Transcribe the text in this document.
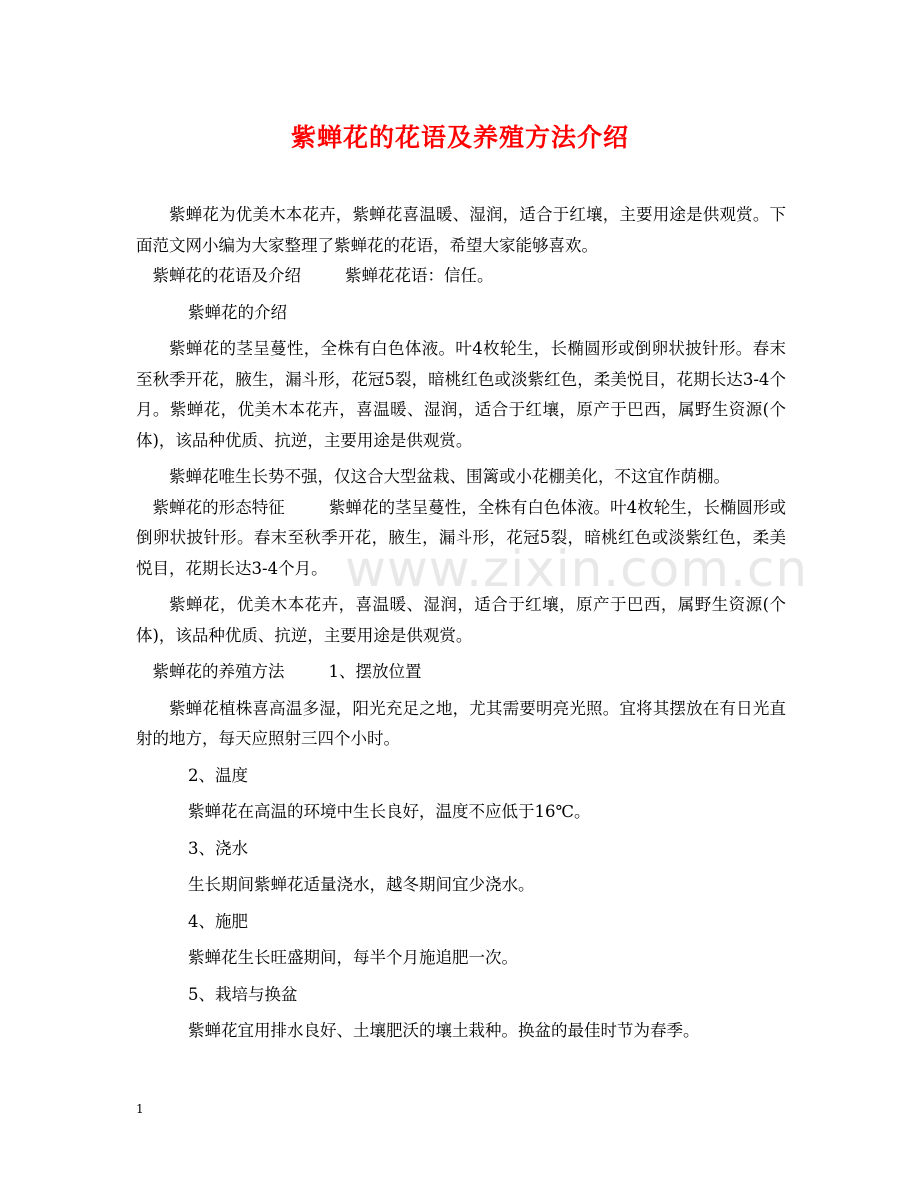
www.zixin.com.cn
紫蝉花的花语及养殖方法介绍

紫蝉花为优美木本花卉，紫蝉花喜温暖、湿润，适合于红壤，主要用途是供观赏。下面范文网小编为大家整理了紫蝉花的花语，希望大家能够喜欢。

紫蝉花的花语及介绍	紫蝉花花语：信任。

紫蝉花的介绍

紫蝉花的茎呈蔓性，全株有白色体液。叶4枚轮生，长椭圆形或倒卵状披针形。春末至秋季开花，腋生，漏斗形，花冠5裂，暗桃红色或淡紫红色，柔美悦目，花期长达3-4个月。紫蝉花，优美木本花卉，喜温暖、湿润，适合于红壤，原产于巴西，属野生资源(个体)，该品种优质、抗逆，主要用途是供观赏。

紫蝉花唯生长势不强，仅这合大型盆栽、围篱或小花棚美化，不这宜作荫棚。

紫蝉花的形态特征	紫蝉花的茎呈蔓性，全株有白色体液。叶4枚轮生，长椭圆形或倒卵状披针形。春末至秋季开花，腋生，漏斗形，花冠5裂，暗桃红色或淡紫红色，柔美悦目，花期长达3-4个月。

紫蝉花，优美木本花卉，喜温暖、湿润，适合于红壤，原产于巴西，属野生资源(个体)，该品种优质、抗逆，主要用途是供观赏。

紫蝉花的养殖方法	1、摆放位置

紫蝉花植株喜高温多湿，阳光充足之地，尤其需要明亮光照。宜将其摆放在有日光直射的地方，每天应照射三四个小时。

2、温度

紫蝉花在高温的环境中生长良好，温度不应低于16℃。

3、浇水

生长期间紫蝉花适量浇水，越冬期间宜少浇水。

4、施肥

紫蝉花生长旺盛期间，每半个月施追肥一次。

5、栽培与换盆

紫蝉花宜用排水良好、土壤肥沃的壤土栽种。换盆的最佳时节为春季。

1
